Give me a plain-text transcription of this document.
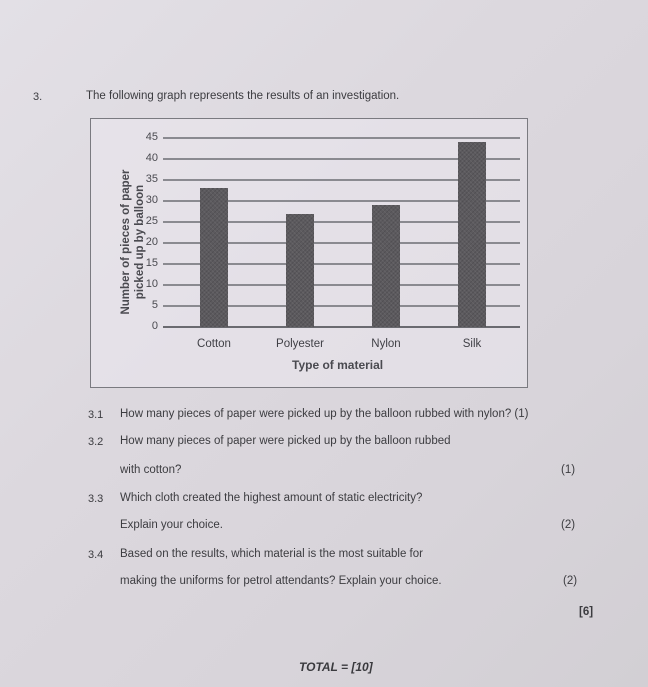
3.	The following graph represents the results of an investigation.
0
5
10
15
20
25
30
35
40
45
Cotton	Polyester	Nylon	Silk
Number of pieces of paper picked up by balloon
Type of material
3.1 How many pieces of paper were picked up by the balloon rubbed with nylon? (1)
3.2 How many pieces of paper were picked up by the balloon rubbed
with cotton?	(1)
3.3 Which cloth created the highest amount of static electricity?
Explain your choice.	(2)
3.4 Based on the results, which material is the most suitable for
making the uniforms for petrol attendants? Explain your choice.	(2)
[6]
TOTAL = [10]
